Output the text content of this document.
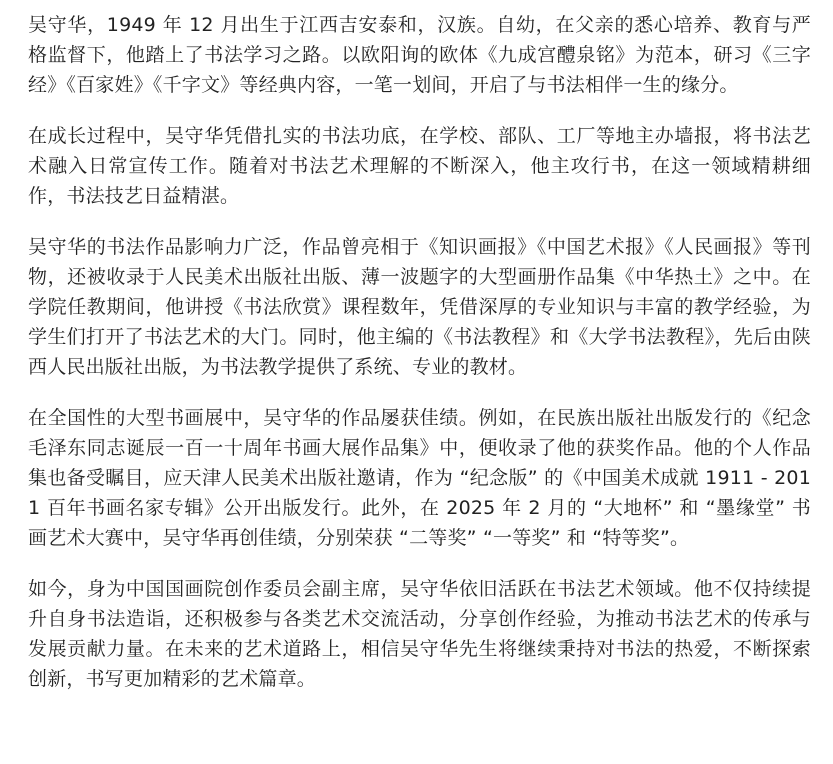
吴守华，1949 年 12 月出生于江西吉安泰和，汉族。自幼，在父亲的悉心培养、教育与严格监督下，他踏上了书法学习之路。以欧阳询的欧体《九成宫醴泉铭》为范本，研习《三字经》《百家姓》《千字文》等经典内容，一笔一划间，开启了与书法相伴一生的缘分。

在成长过程中，吴守华凭借扎实的书法功底，在学校、部队、工厂等地主办墙报，将书法艺术融入日常宣传工作。随着对书法艺术理解的不断深入，他主攻行书，在这一领域精耕细作，书法技艺日益精湛。

吴守华的书法作品影响力广泛，作品曾亮相于《知识画报》《中国艺术报》《人民画报》等刊物，还被收录于人民美术出版社出版、薄一波题字的大型画册作品集《中华热土》之中。在学院任教期间，他讲授《书法欣赏》课程数年，凭借深厚的专业知识与丰富的教学经验，为学生们打开了书法艺术的大门。同时，他主编的《书法教程》和《大学书法教程》，先后由陕西人民出版社出版，为书法教学提供了系统、专业的教材。

在全国性的大型书画展中，吴守华的作品屡获佳绩。例如，在民族出版社出版发行的《纪念毛泽东同志诞辰一百一十周年书画大展作品集》中，便收录了他的获奖作品。他的个人作品集也备受瞩目，应天津人民美术出版社邀请，作为 “纪念版” 的《中国美术成就 1911 - 2011 百年书画名家专辑》公开出版发行。此外，在 2025 年 2 月的 “大地杯” 和 “墨缘堂” 书画艺术大赛中，吴守华再创佳绩，分别荣获 “二等奖” “一等奖” 和 “特等奖”。

如今，身为中国国画院创作委员会副主席，吴守华依旧活跃在书法艺术领域。他不仅持续提升自身书法造诣，还积极参与各类艺术交流活动，分享创作经验，为推动书法艺术的传承与发展贡献力量。在未来的艺术道路上，相信吴守华先生将继续秉持对书法的热爱，不断探索创新，书写更加精彩的艺术篇章。
